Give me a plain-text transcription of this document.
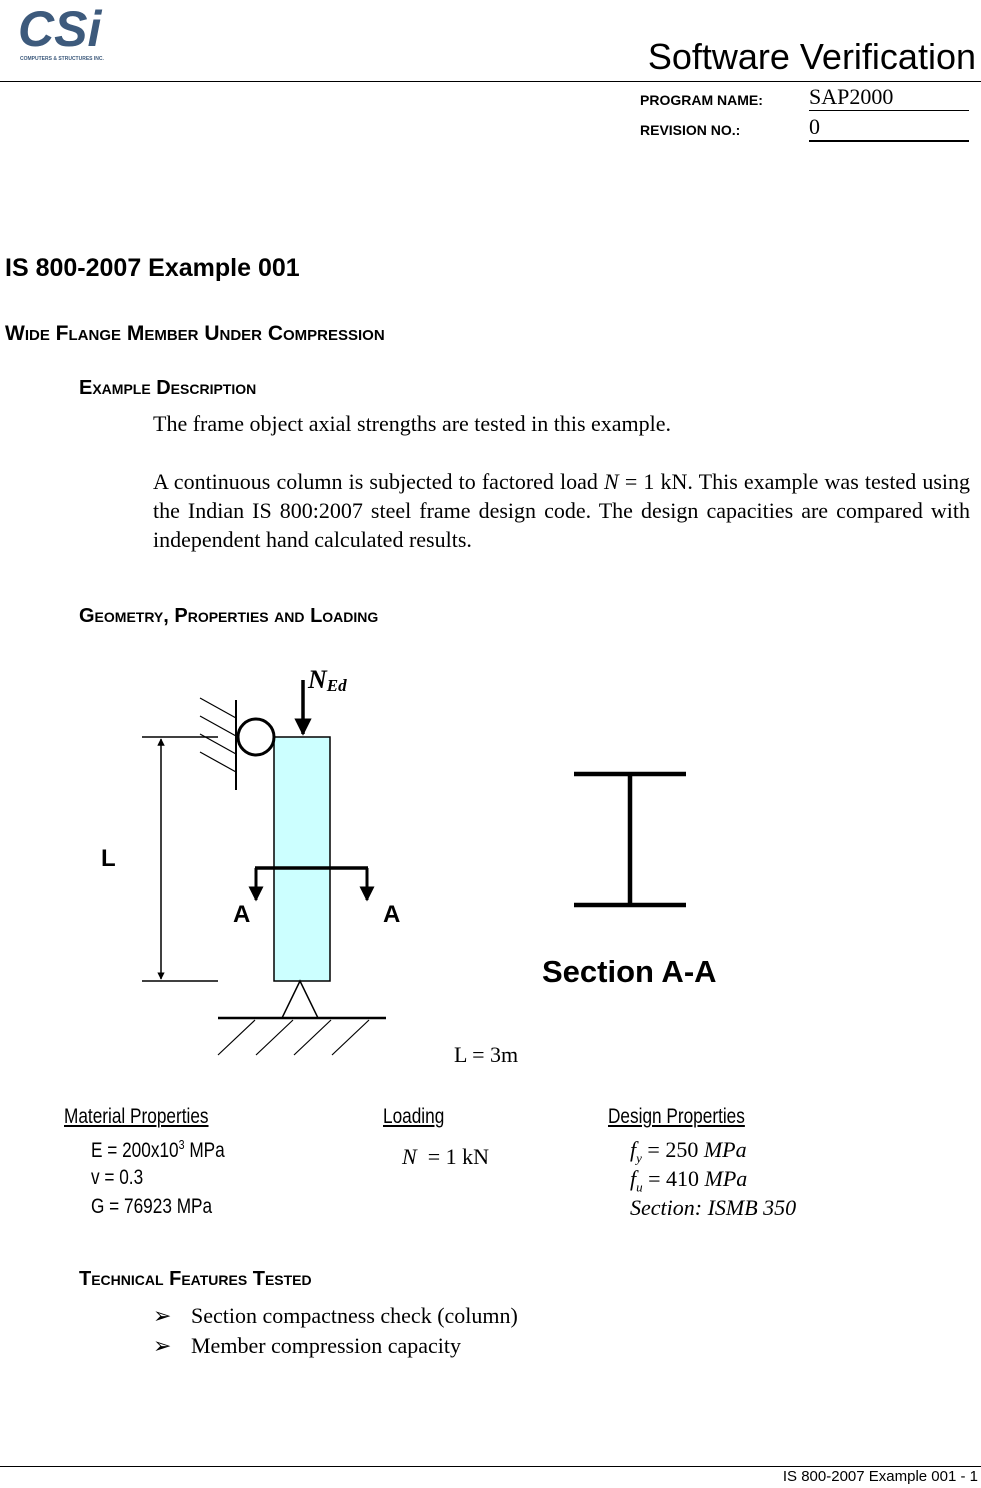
CSi
COMPUTERS & STRUCTURES INC.	Software Verification
PROGRAM NAME: SAP2000
REVISION NO.:	0
IS 800-2007 Example 001
Wide Flange Member Under Compression
Example Description
The frame object axial strengths are tested in this example.
A continuous column is subjected to factored load N = 1 kN. This example was tested using the Indian IS 800:2007 steel frame design code. The design capacities are compared with independent hand calculated results.
Geometry, Properties and Loading
NEd
L
A	A
Section A-A
L = 3m
Material Properties
$E = 200x10^3$ MPa
v = 0.3
G = 76923 MPa
Loading
N  = 1 kN
Design Properties
$f_y = 250$ MPa
$f_u = 410$ MPa
Section: ISMB 350
Technical Features Tested
➢ Section compactness check (column)
➢ Member compression capacity
IS 800-2007 Example 001 - 1
